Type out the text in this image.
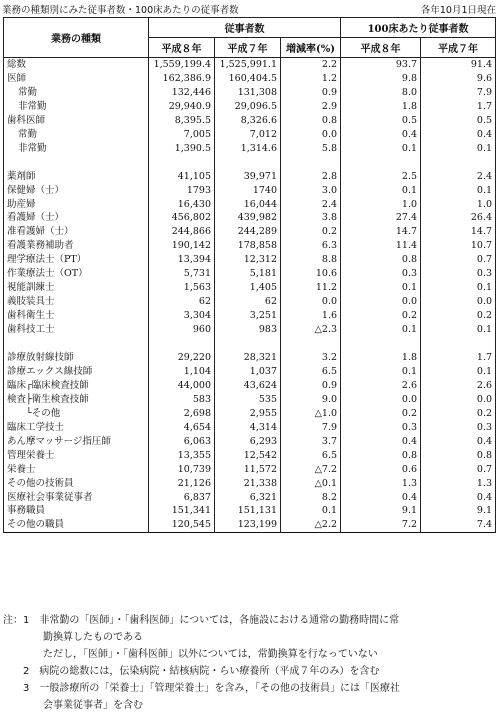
業務の種類別にみた従事者数・100床あたりの従事者数	各年10月1日現在
業務の種類	従事者数			100床あたり従事者数	
	平成８年	平成７年	増減率(%)	平成８年	平成７年
総数	1,559,199.4	1,525,991.1	2.2	93.7	91.4
医師	162,386.9	160,404.5	1.2	9.8	9.6
常勤	132,446	131,308	0.9	8.0	7.9
非常勤	29,940.9	29,096.5	2.9	1.8	1.7
歯科医師	8,395.5	8,326.6	0.8	0.5	0.5
常勤	7,005	7,012	0.0	0.4	0.4
非常勤	1,390.5	1,314.6	5.8	0.1	0.1

薬剤師	41,105	39,971	2.8	2.5	2.4
保健婦（士）	1793	1740	3.0	0.1	0.1
助産婦	16,430	16,044	2.4	1.0	1.0
看護婦（士）	456,802	439,982	3.8	27.4	26.4
准看護婦（士）	244,866	244,289	0.2	14.7	14.7
看護業務補助者	190,142	178,858	6.3	11.4	10.7
理学療法士（PT）	13,394	12,312	8.8	0.8	0.7
作業療法士（OT）	5,731	5,181	10.6	0.3	0.3
視能訓練士	1,563	1,405	11.2	0.1	0.1
義肢装具士	62	62	0.0	0.0	0.0
歯科衛生士	3,304	3,251	1.6	0.2	0.2
歯科技工士	960	983	△2.3	0.1	0.1

診療放射線技師	29,220	28,321	3.2	1.8	1.7
診療エックス線技師	1,104	1,037	6.5	0.1	0.1
臨床┌臨床検査技師	44,000	43,624	0.9	2.6	2.6
検査├衛生検査技師	583	535	9.0	0.0	0.0
　　└その他	2,698	2,955	△1.0	0.2	0.2
臨床工学技士	4,654	4,314	7.9	0.3	0.3
あん摩マッサージ指圧師	6,063	6,293	3.7	0.4	0.4
管理栄養士	13,355	12,542	6.5	0.8	0.8
栄養士	10,739	11,572	△7.2	0.6	0.7
その他の技術員	21,126	21,338	△0.1	1.3	1.3
医療社会事業従事者	6,837	6,321	8.2	0.4	0.4
事務職員	151,341	151,131	0.1	9.1	9.1
その他の職員	120,545	123,199	△2.2	7.2	7.4
注：1　非常勤の「医師」・「歯科医師」については，各施設における通常の勤務時間に常
　　　　勤換算したものである
　　　　ただし，「医師」・「歯科医師」以外については，常勤換算を行なっていない
　　2　病院の総数には，伝染病院・結核病院・らい療養所（平成７年のみ）を含む
　　3　一般診療所の「栄養士」「管理栄養士」を含み，「その他の技術員」には「医療社
　　　　会事業従事者」を含む
